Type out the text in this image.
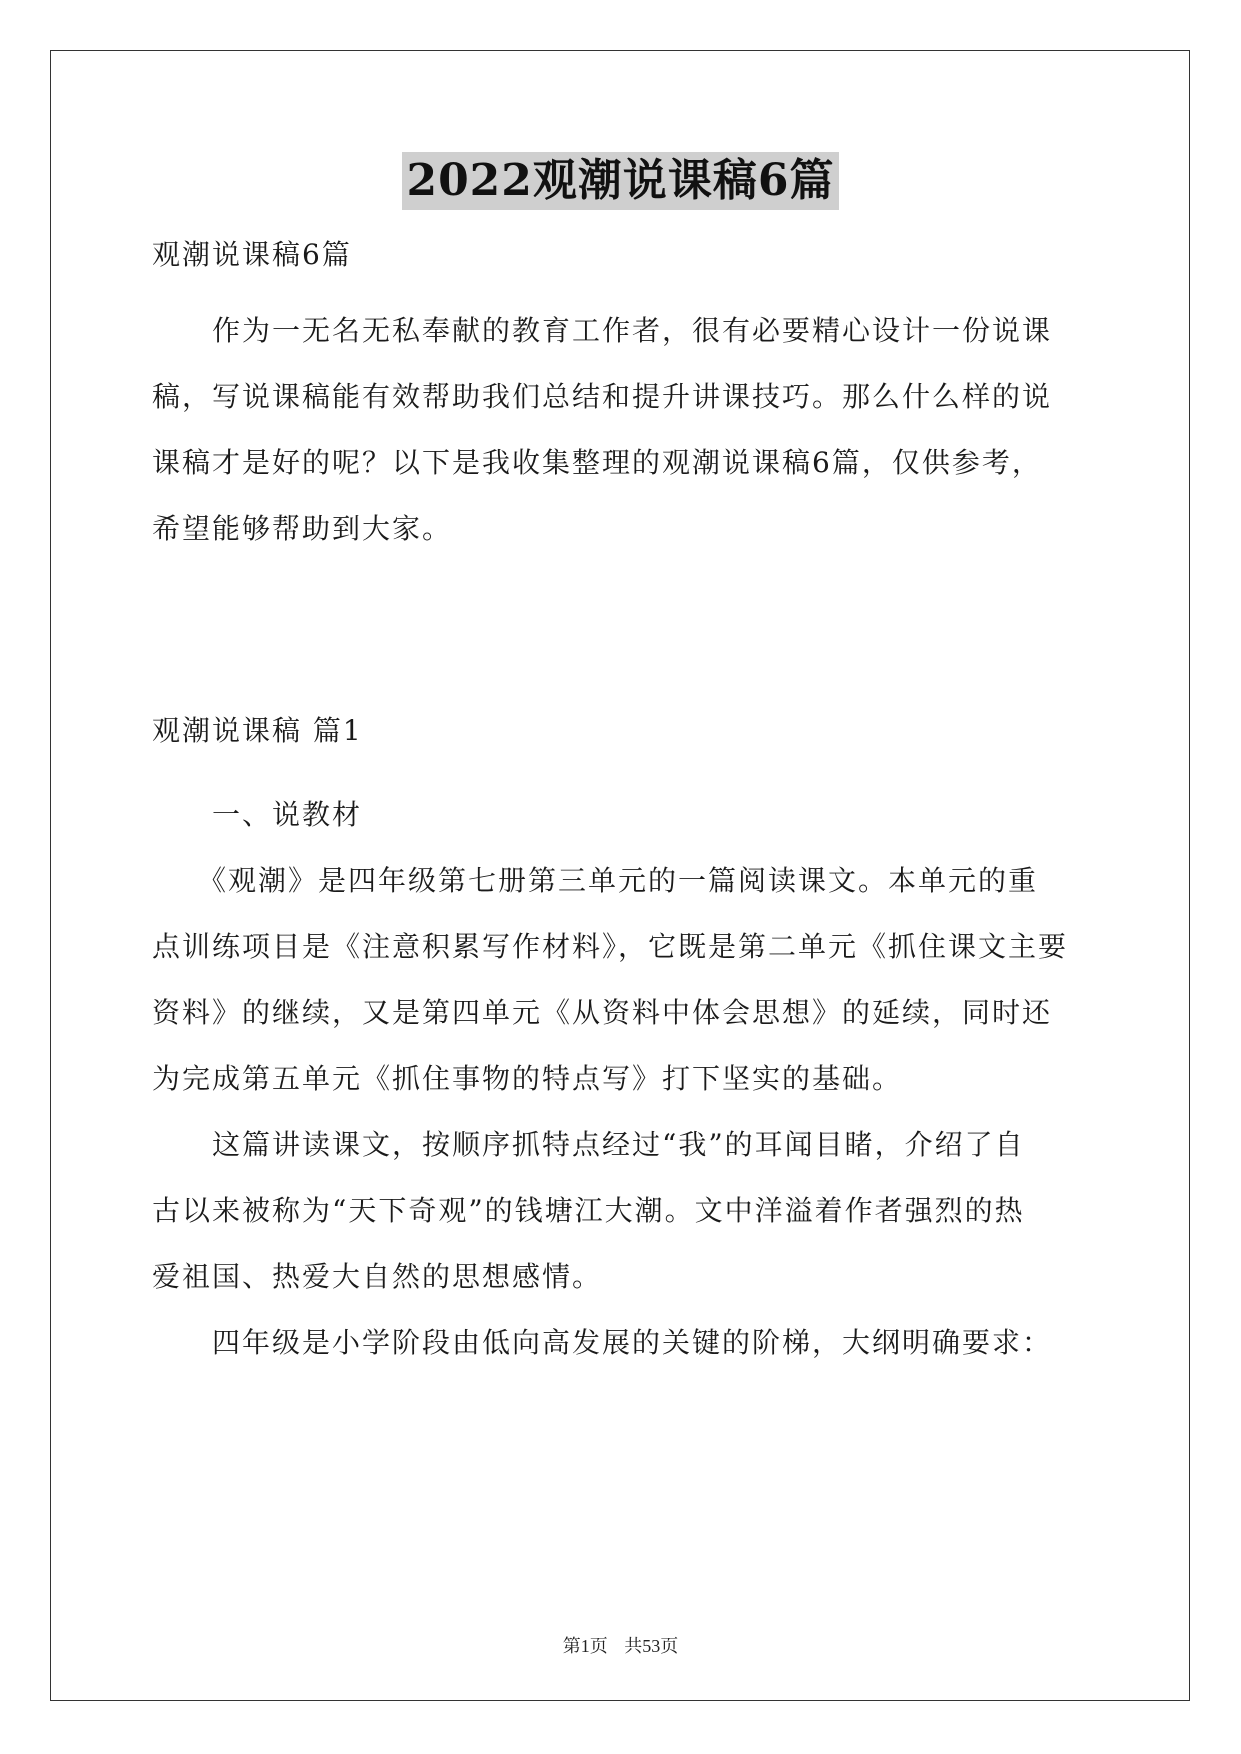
2022观潮说课稿6篇
观潮说课稿6篇
　　作为一无名无私奉献的教育工作者，很有必要精心设计一份说课
稿，写说课稿能有效帮助我们总结和提升讲课技巧。那么什么样的说
课稿才是好的呢？以下是我收集整理的观潮说课稿6篇，仅供参考，
希望能够帮助到大家。
观潮说课稿 篇1
　　一、说教材
　　《观潮》是四年级第七册第三单元的一篇阅读课文。本单元的重
点训练项目是《注意积累写作材料》，它既是第二单元《抓住课文主要
资料》的继续，又是第四单元《从资料中体会思想》的延续，同时还
为完成第五单元《抓住事物的特点写》打下坚实的基础。
　　这篇讲读课文，按顺序抓特点经过“我”的耳闻目睹，介绍了自
古以来被称为“天下奇观”的钱塘江大潮。文中洋溢着作者强烈的热
爱祖国、热爱大自然的思想感情。
　　四年级是小学阶段由低向高发展的关键的阶梯，大纲明确要求：
第1页 共53页
